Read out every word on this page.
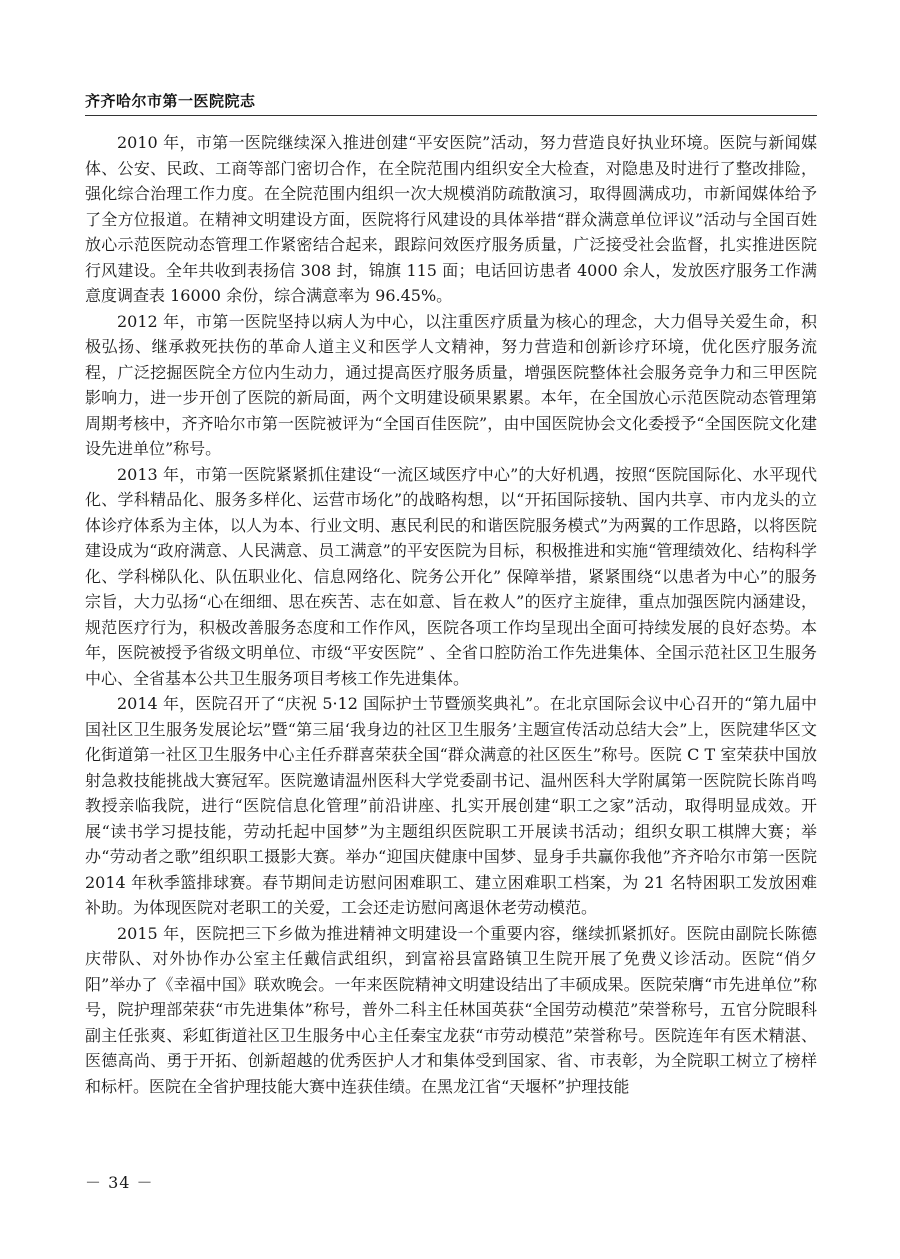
齐齐哈尔市第一医院院志

2010 年，市第一医院继续深入推进创建“平安医院”活动，努力营造良好执业环境。医院与新闻媒体、公安、民政、工商等部门密切合作，在全院范围内组织安全大检查，对隐患及时进行了整改排险，强化综合治理工作力度。在全院范围内组织一次大规模消防疏散演习，取得圆满成功，市新闻媒体给予了全方位报道。在精神文明建设方面，医院将行风建设的具体举措“群众满意单位评议”活动与全国百姓放心示范医院动态管理工作紧密结合起来，跟踪问效医疗服务质量，广泛接受社会监督，扎实推进医院行风建设。全年共收到表扬信 308 封，锦旗 115 面；电话回访患者 4000 余人，发放医疗服务工作满意度调查表 16000 余份，综合满意率为 96.45%。

2012 年，市第一医院坚持以病人为中心，以注重医疗质量为核心的理念，大力倡导关爱生命，积极弘扬、继承救死扶伤的革命人道主义和医学人文精神，努力营造和创新诊疗环境，优化医疗服务流程，广泛挖掘医院全方位内生动力，通过提高医疗服务质量，增强医院整体社会服务竞争力和三甲医院影响力，进一步开创了医院的新局面，两个文明建设硕果累累。本年，在全国放心示范医院动态管理第周期考核中，齐齐哈尔市第一医院被评为“全国百佳医院”，由中国医院协会文化委授予“全国医院文化建设先进单位”称号。

2013 年，市第一医院紧紧抓住建设“一流区域医疗中心”的大好机遇，按照“医院国际化、水平现代化、学科精品化、服务多样化、运营市场化”的战略构想，以“开拓国际接轨、国内共享、市内龙头的立体诊疗体系为主体，以人为本、行业文明、惠民利民的和谐医院服务模式”为两翼的工作思路，以将医院建设成为“政府满意、人民满意、员工满意”的平安医院为目标，积极推进和实施“管理绩效化、结构科学化、学科梯队化、队伍职业化、信息网络化、院务公开化” 保障举措，紧紧围绕“以患者为中心”的服务宗旨，大力弘扬“心在细细、思在疾苦、志在如意、旨在救人”的医疗主旋律，重点加强医院内涵建设，规范医疗行为，积极改善服务态度和工作作风，医院各项工作均呈现出全面可持续发展的良好态势。本年，医院被授予省级文明单位、市级“平安医院” 、全省口腔防治工作先进集体、全国示范社区卫生服务中心、全省基本公共卫生服务项目考核工作先进集体。

2014 年，医院召开了“庆祝 5·12 国际护士节暨颁奖典礼”。在北京国际会议中心召开的“第九届中国社区卫生服务发展论坛”暨“第三届‘我身边的社区卫生服务’主题宣传活动总结大会”上，医院建华区文化街道第一社区卫生服务中心主任乔群喜荣获全国“群众满意的社区医生”称号。医院 C T 室荣获中国放射急救技能挑战大赛冠军。医院邀请温州医科大学党委副书记、温州医科大学附属第一医院院长陈肖鸣教授亲临我院，进行“医院信息化管理”前沿讲座、扎实开展创建“职工之家”活动，取得明显成效。开展“读书学习提技能，劳动托起中国梦”为主题组织医院职工开展读书活动；组织女职工棋牌大赛；举办“劳动者之歌”组织职工摄影大赛。举办“迎国庆健康中国梦、显身手共赢你我他”齐齐哈尔市第一医院 2014 年秋季篮排球赛。春节期间走访慰问困难职工、建立困难职工档案，为 21 名特困职工发放困难补助。为体现医院对老职工的关爱，工会还走访慰问离退休老劳动模范。

2015 年，医院把三下乡做为推进精神文明建设一个重要内容，继续抓紧抓好。医院由副院长陈德庆带队、对外协作办公室主任戴信武组织，到富裕县富路镇卫生院开展了免费义诊活动。医院“俏夕阳”举办了《幸福中国》联欢晚会。一年来医院精神文明建设结出了丰硕成果。医院荣膺“市先进单位”称号，院护理部荣获“市先进集体”称号，普外二科主任林国英获“全国劳动模范”荣誉称号，五官分院眼科副主任张爽、彩虹街道社区卫生服务中心主任秦宝龙获“市劳动模范”荣誉称号。医院连年有医术精湛、医德高尚、勇于开拓、创新超越的优秀医护人才和集体受到国家、省、市表彰，为全院职工树立了榜样和标杆。医院在全省护理技能大赛中连获佳绩。在黑龙江省“天堰杯”护理技能

－ 34 －
